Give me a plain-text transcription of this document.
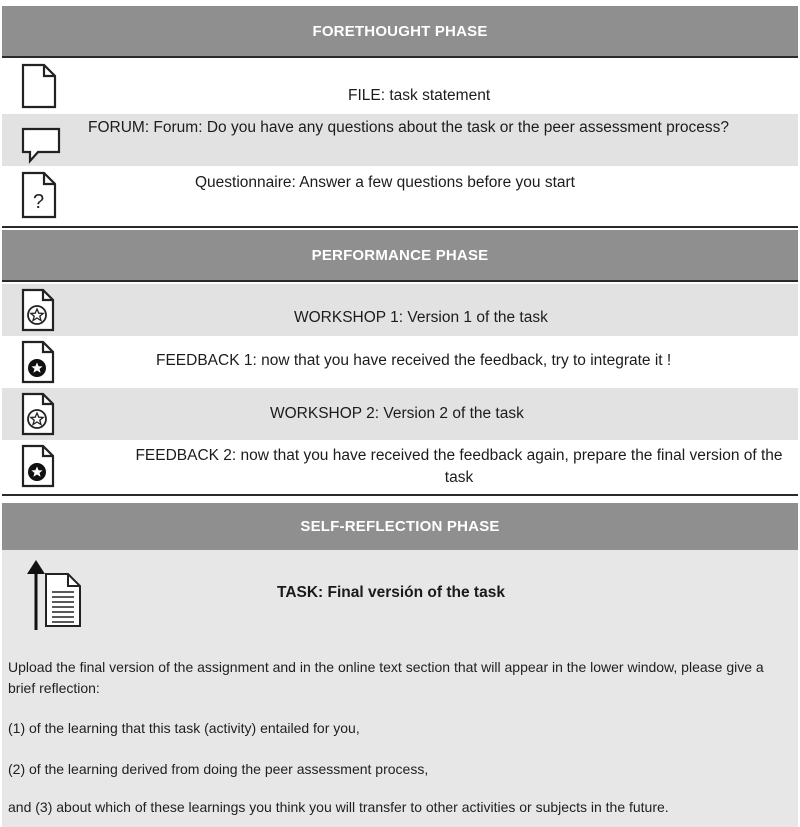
FORETHOUGHT PHASE
FILE: task statement
FORUM: Forum: Do you have any questions about the task or the peer assessment process?
?
Questionnaire: Answer a few questions before you start
PERFORMANCE PHASE
WORKSHOP 1: Version 1 of the task
FEEDBACK 1: now that you have received the feedback, try to integrate it !
WORKSHOP 2: Version 2 of the task
FEEDBACK 2: now that you have received the feedback again, prepare the final version of the task
SELF-REFLECTION PHASE
TASK: Final versión of the task

Upload the final version of the assignment and in the online text section that will appear in the lower window, please give a brief reflection:

(1) of the learning that this task (activity) entailed for you,

(2) of the learning derived from doing the peer assessment process,

and (3) about which of these learnings you think you will transfer to other activities or subjects in the future.
